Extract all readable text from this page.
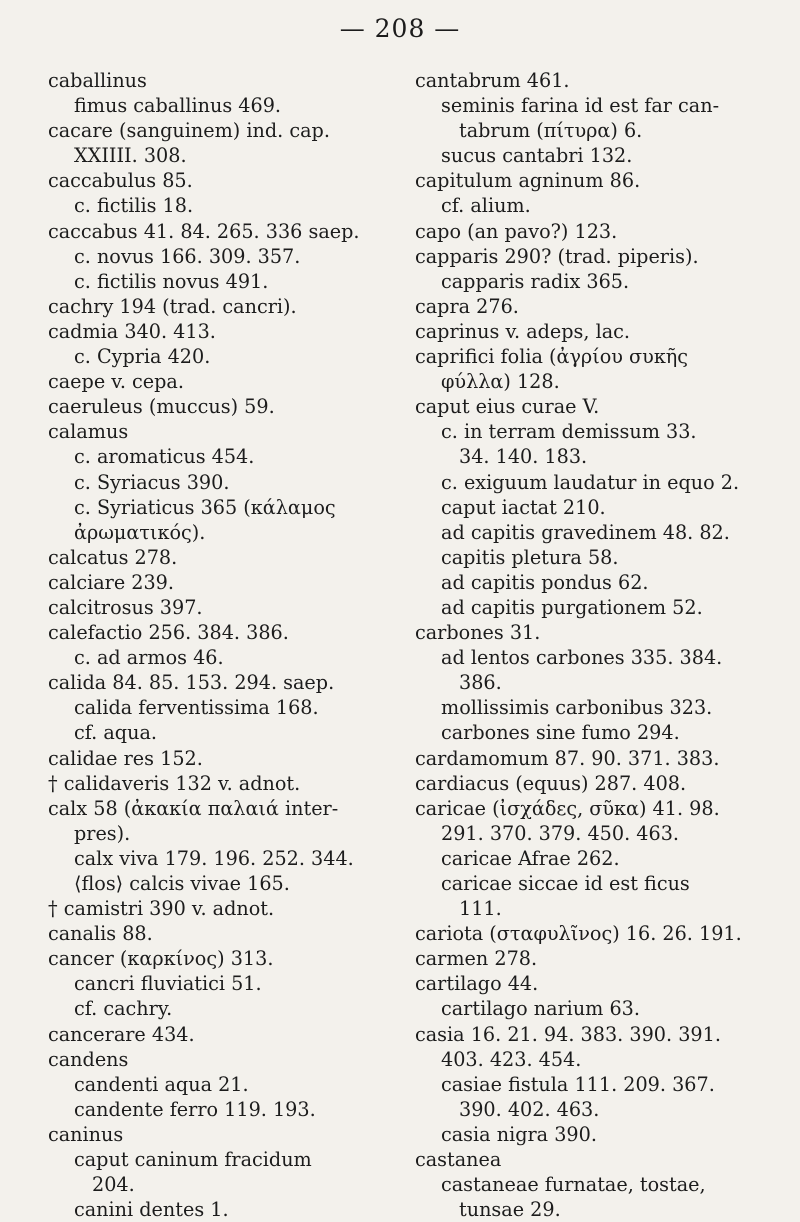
— 208 —
caballinus
fimus caballinus 469.
cacare (sanguinem) ind. cap.
XXIIII. 308.
caccabulus 85.
c. fictilis 18.
caccabus 41. 84. 265. 336 saep.
c. novus 166. 309. 357.
c. fictilis novus 491.
cachry 194 (trad. cancri).
cadmia 340. 413.
c. Cypria 420.
caepe v. cepa.
caeruleus (muccus) 59.
calamus
c. aromaticus 454.
c. Syriacus 390.
c. Syriaticus 365 (κάλαμος
ἀρωματικός).
calcatus 278.
calciare 239.
calcitrosus 397.
calefactio 256. 384. 386.
c. ad armos 46.
calida 84. 85. 153. 294. saep.
calida ferventissima 168.
cf. aqua.
calidae res 152.
† calidaveris 132 v. adnot.
calx 58 (ἀκακία παλαιά inter-
pres).
calx viva 179. 196. 252. 344.
⟨flos⟩ calcis vivae 165.
† camistri 390 v. adnot.
canalis 88.
cancer (καρκίνος) 313.
cancri fluviatici 51.
cf. cachry.
cancerare 434.
candens
candenti aqua 21.
candente ferro 119. 193.
caninus
caput caninum fracidum
204.
canini dentes 1.
cantabrum 461.
seminis farina id est far can-
tabrum (πίτυρα) 6.
sucus cantabri 132.
capitulum agninum 86.
cf. alium.
capo (an pavo?) 123.
capparis 290? (trad. piperis).
capparis radix 365.
capra 276.
caprinus v. adeps, lac.
caprifici folia (ἀγρίου συκῆς
φύλλα) 128.
caput eius curae V.
c. in terram demissum 33.
34. 140. 183.
c. exiguum laudatur in equo 2.
caput iactat 210.
ad capitis gravedinem 48. 82.
capitis pletura 58.
ad capitis pondus 62.
ad capitis purgationem 52.
carbones 31.
ad lentos carbones 335. 384.
386.
mollissimis carbonibus 323.
carbones sine fumo 294.
cardamomum 87. 90. 371. 383.
cardiacus (equus) 287. 408.
caricae (ἰσχάδες, σῦκα) 41. 98.
291. 370. 379. 450. 463.
caricae Afrae 262.
caricae siccae id est ficus
111.
cariota (σταφυλῖνος) 16. 26. 191.
carmen 278.
cartilago 44.
cartilago narium 63.
casia 16. 21. 94. 383. 390. 391.
403. 423. 454.
casiae fistula 111. 209. 367.
390. 402. 463.
casia nigra 390.
castanea
castaneae furnatae, tostae,
tunsae 29.
